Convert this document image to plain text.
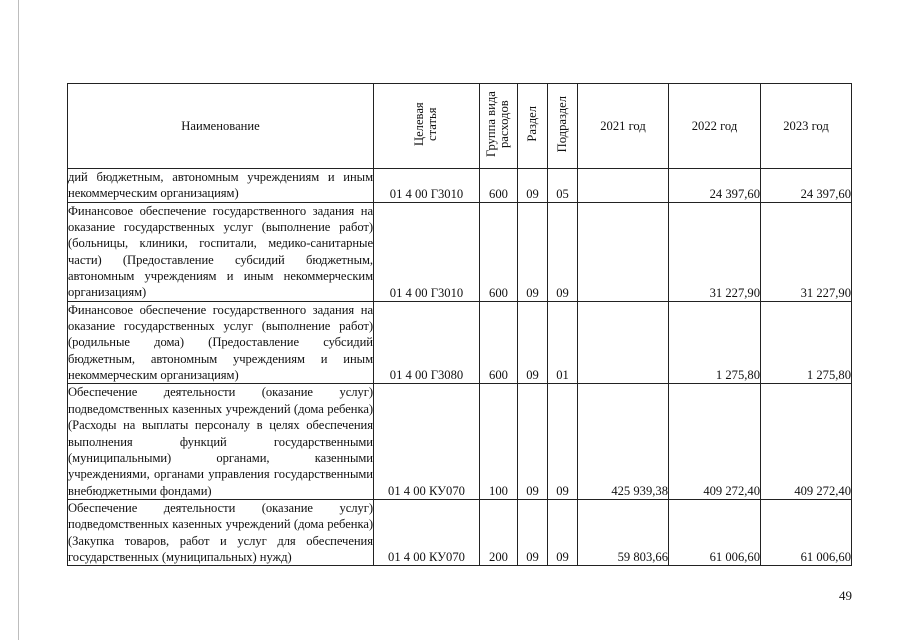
Наименование	Целевая статья	Группа вида расходов	Раздел	Подраздел	2021 год	2022 год	2023 год
дий бюджетным, автономным учреждениям и иным некоммерческим организациям)	01 4 00 Г3010	600	09	05		24 397,60	24 397,60
Финансовое обеспечение государственного задания на оказание государственных услуг (выполнение работ) (больницы, клиники, госпитали, медико-санитарные части) (Предоставление субсидий бюджетным, автономным учреждениям и иным некоммерческим организациям)	01 4 00 Г3010	600	09	09		31 227,90	31 227,90
Финансовое обеспечение государственного задания на оказание государственных услуг (выполнение работ) (родильные дома) (Предоставление субсидий бюджетным, автономным учреждениям и иным некоммерческим организациям)	01 4 00 Г3080	600	09	01		1 275,80	1 275,80
Обеспечение деятельности (оказание услуг) подведомственных казенных учреждений (дома ребенка) (Расходы на выплаты персоналу в целях обеспечения выполнения функций государственными (муниципальными) органами, казенными учреждениями, органами управления государственными внебюджетными фондами)	01 4 00 КУ070	100	09	09	425 939,38	409 272,40	409 272,40
Обеспечение деятельности (оказание услуг) подведомственных казенных учреждений (дома ребенка) (Закупка товаров, работ и услуг для обеспечения государственных (муниципальных) нужд)	01 4 00 КУ070	200	09	09	59 803,66	61 006,60	61 006,60
49
